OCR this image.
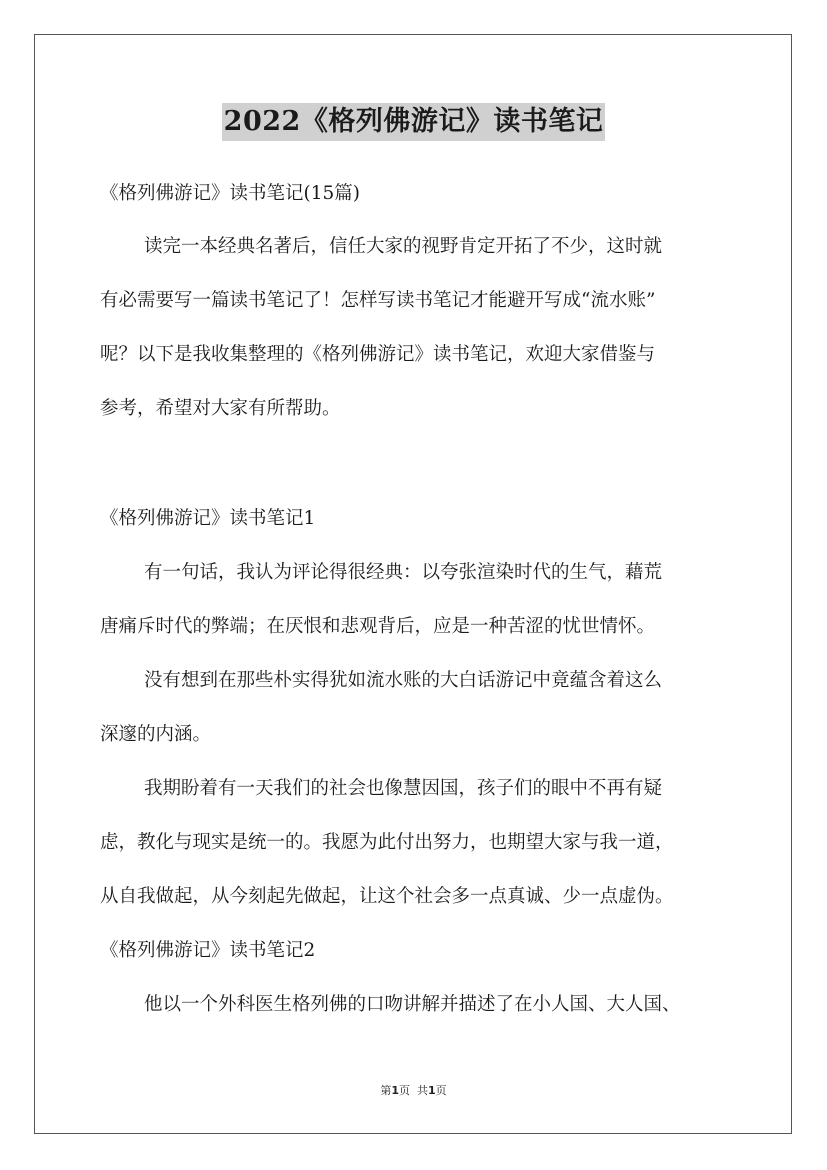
2022《格列佛游记》读书笔记
《格列佛游记》读书笔记(15篇)
读完一本经典名著后，信任大家的视野肯定开拓了不少，这时就
有必需要写一篇读书笔记了！怎样写读书笔记才能避开写成“流水账”
呢？以下是我收集整理的《格列佛游记》读书笔记，欢迎大家借鉴与
参考，希望对大家有所帮助。
《格列佛游记》读书笔记1
有一句话，我认为评论得很经典：以夸张渲染时代的生气，藉荒
唐痛斥时代的弊端；在厌恨和悲观背后，应是一种苦涩的忧世情怀。
没有想到在那些朴实得犹如流水账的大白话游记中竟蕴含着这么
深邃的内涵。
我期盼着有一天我们的社会也像慧因国，孩子们的眼中不再有疑
虑，教化与现实是统一的。我愿为此付出努力，也期望大家与我一道，
从自我做起，从今刻起先做起，让这个社会多一点真诚、少一点虚伪。
《格列佛游记》读书笔记2
他以一个外科医生格列佛的口吻讲解并描述了在小人国、大人国、
第1页 共1页
